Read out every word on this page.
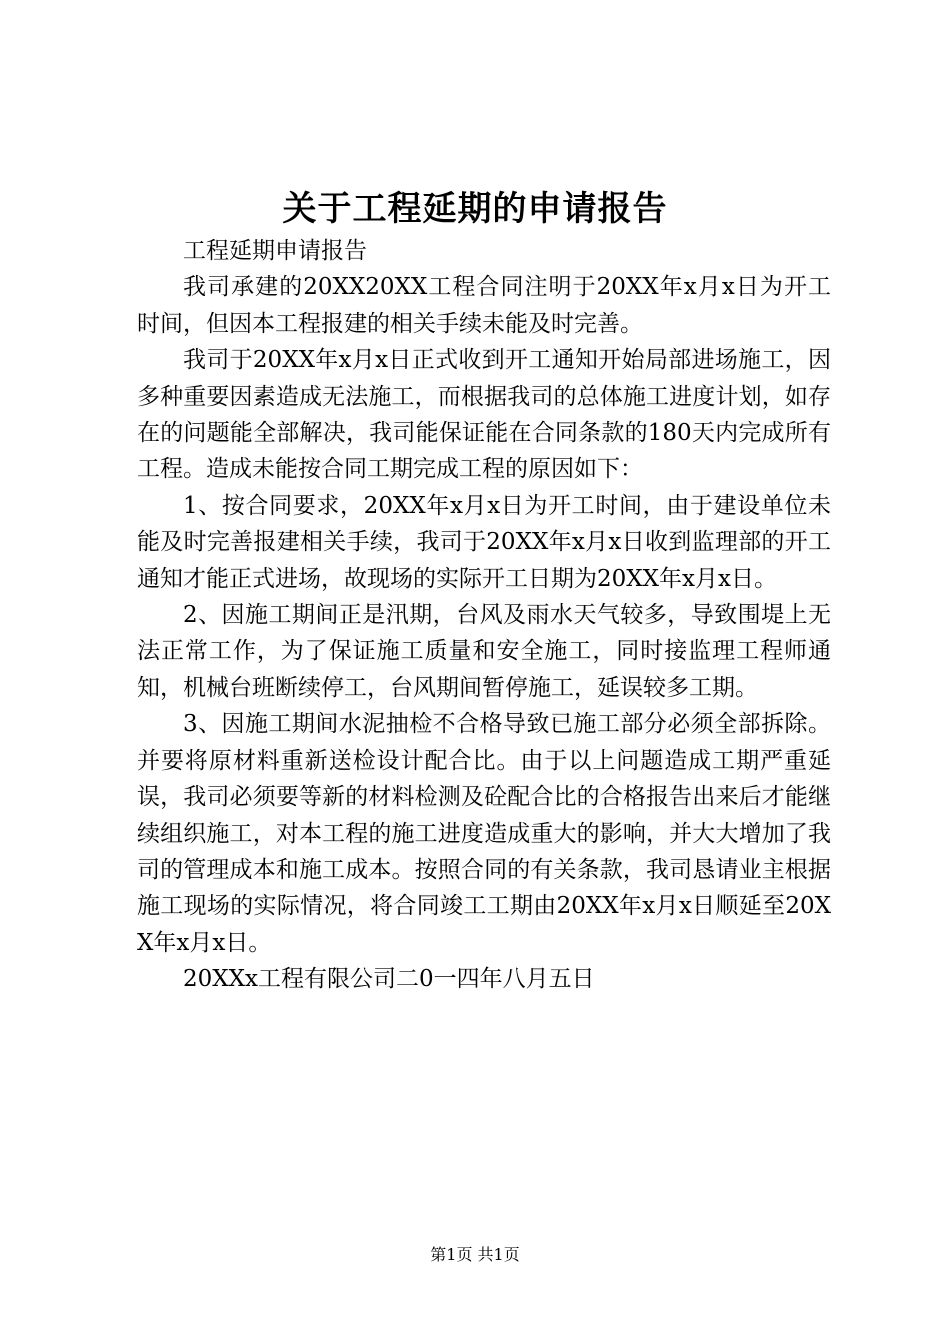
关于工程延期的申请报告

工程延期申请报告

我司承建的20XX20XX工程合同注明于20XX年x月x日为开工时间，但因本工程报建的相关手续未能及时完善。

我司于20XX年x月x日正式收到开工通知开始局部进场施工，因多种重要因素造成无法施工，而根据我司的总体施工进度计划，如存在的问题能全部解决，我司能保证能在合同条款的180天内完成所有工程。造成未能按合同工期完成工程的原因如下：

1、按合同要求，20XX年x月x日为开工时间，由于建设单位未能及时完善报建相关手续，我司于20XX年x月x日收到监理部的开工通知才能正式进场，故现场的实际开工日期为20XX年x月x日。

2、因施工期间正是汛期，台风及雨水天气较多，导致围堤上无法正常工作，为了保证施工质量和安全施工，同时接监理工程师通知，机械台班断续停工，台风期间暂停施工，延误较多工期。

3、因施工期间水泥抽检不合格导致已施工部分必须全部拆除。并要将原材料重新送检设计配合比。由于以上问题造成工期严重延误，我司必须要等新的材料检测及砼配合比的合格报告出来后才能继续组织施工，对本工程的施工进度造成重大的影响，并大大增加了我司的管理成本和施工成本。按照合同的有关条款，我司恳请业主根据施工现场的实际情况，将合同竣工工期由20XX年x月x日顺延至20XX年x月x日。

20XXx工程有限公司二0一四年八月五日

第1页 共1页
